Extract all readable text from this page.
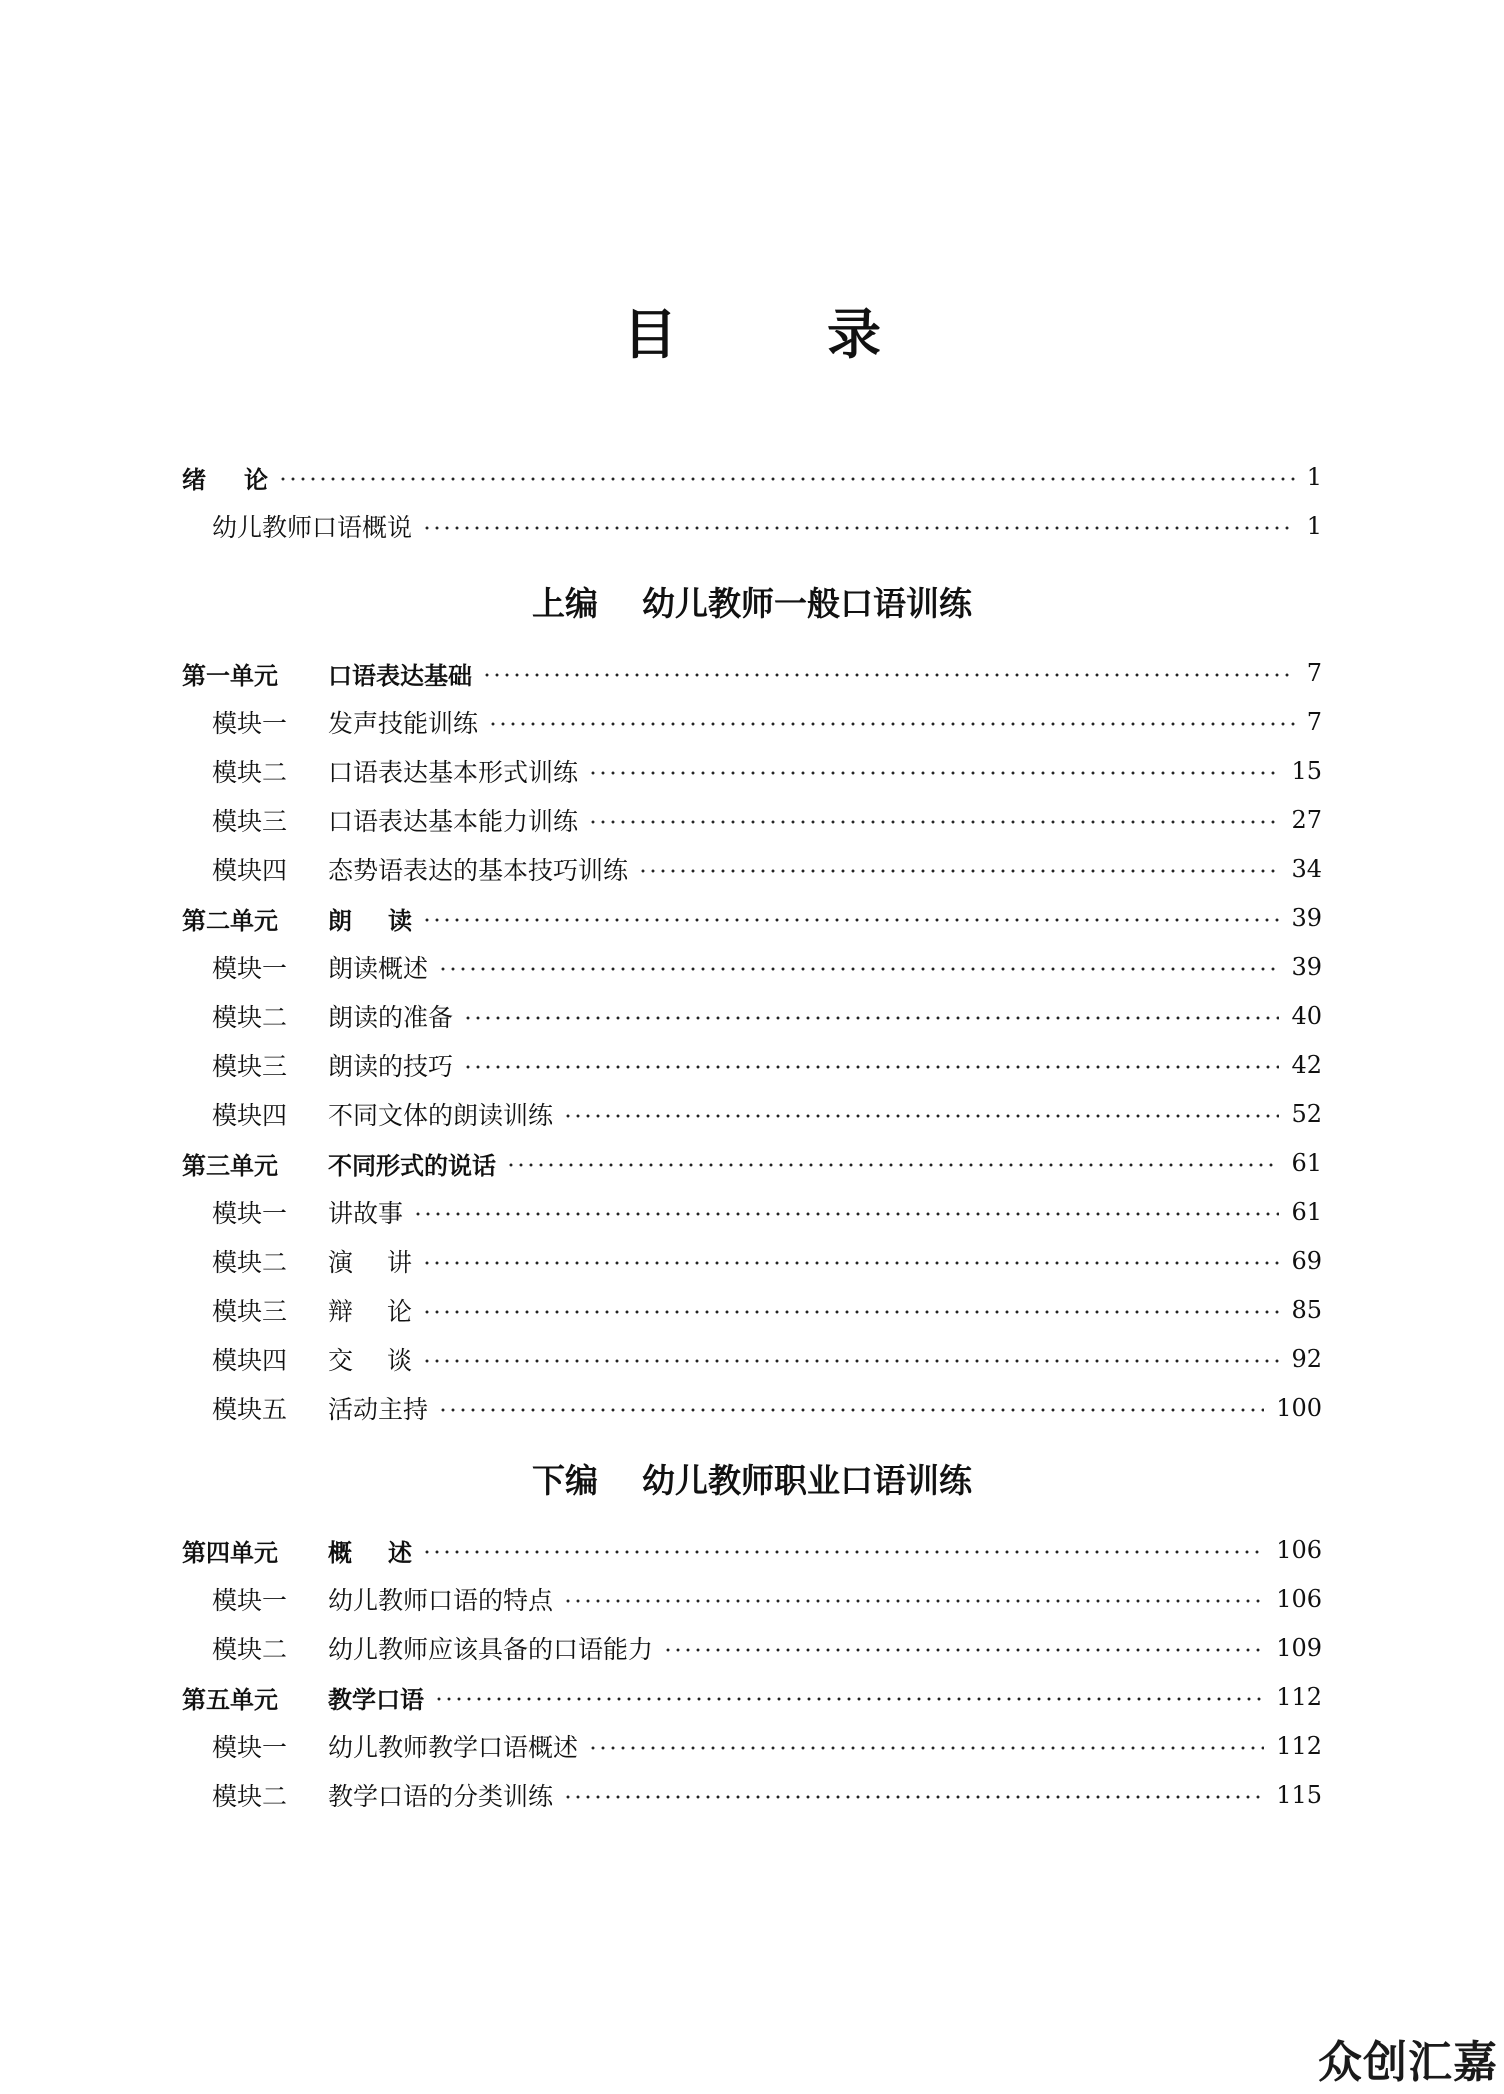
目	录
绪论	1
幼儿教师口语概说	1
上编 幼儿教师一般口语训练
第一单元	口语表达基础	7
模块一	发声技能训练	7
模块二	口语表达基本形式训练	15
模块三	口语表达基本能力训练	27
模块四	态势语表达的基本技巧训练	34
第二单元	朗读	39
模块一	朗读概述	39
模块二	朗读的准备	40
模块三	朗读的技巧	42
模块四	不同文体的朗读训练	52
第三单元	不同形式的说话	61
模块一	讲故事	61
模块二	演讲	69
模块三	辩论	85
模块四	交谈	92
模块五	活动主持	100
下编 幼儿教师职业口语训练
第四单元	概述	106
模块一	幼儿教师口语的特点	106
模块二	幼儿教师应该具备的口语能力	109
第五单元	教学口语	112
模块一	幼儿教师教学口语概述	112
模块二	教学口语的分类训练	115
众创汇嘉
